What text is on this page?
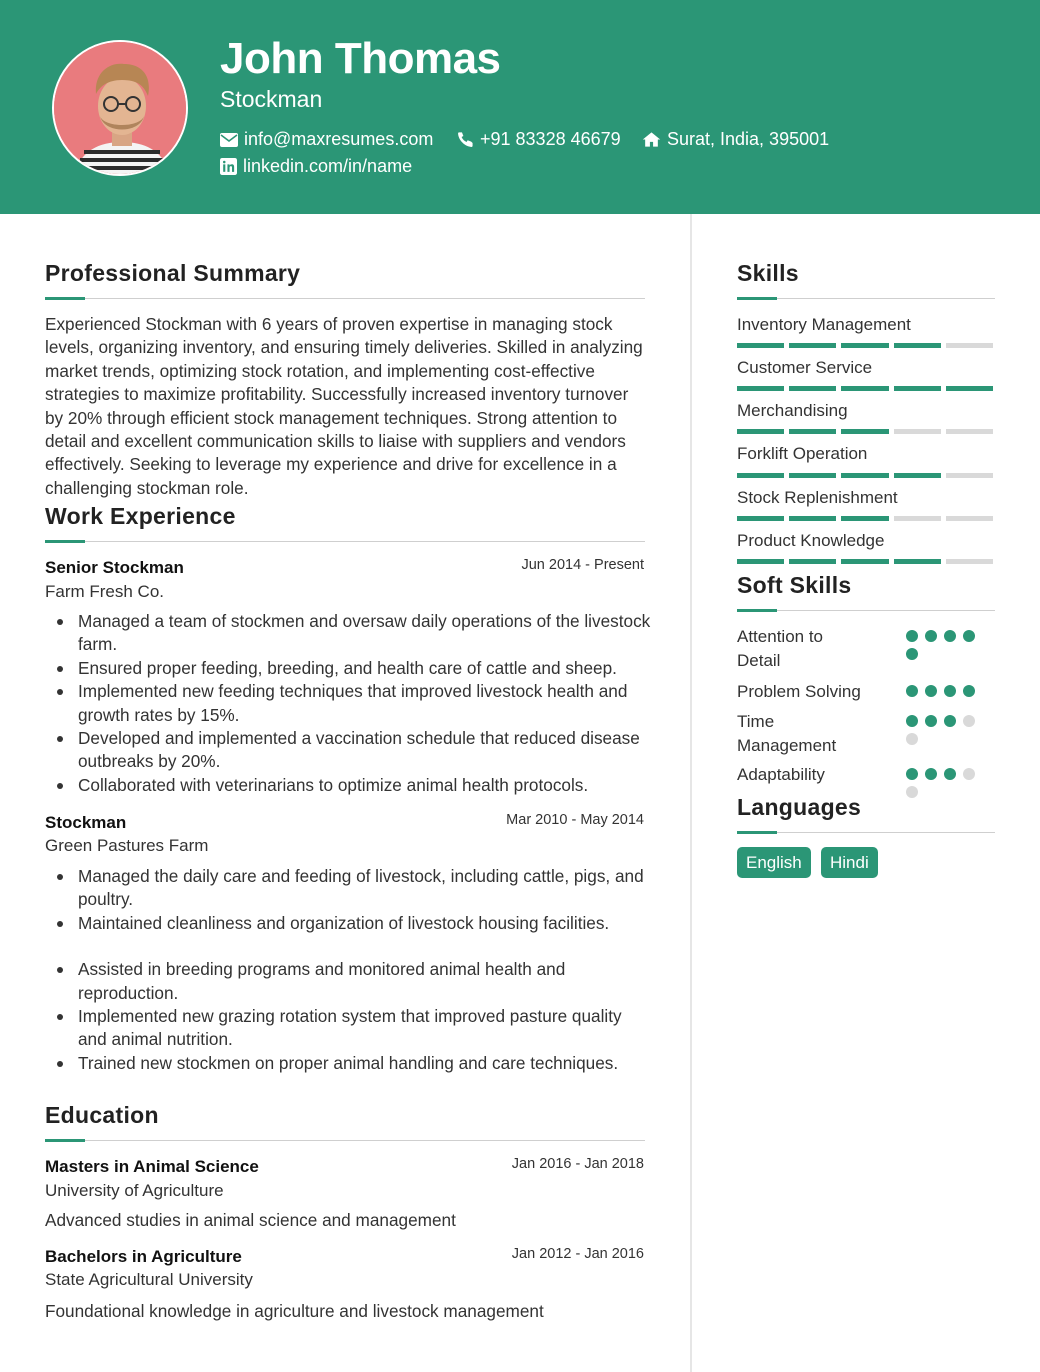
John Thomas
Stockman
info@maxresumes.com	+91 83328 46679	Surat, India, 395001
linkedin.com/in/name
Professional Summary
Experienced Stockman with 6 years of proven expertise in managing stock levels, organizing inventory, and ensuring timely deliveries. Skilled in analyzing market trends, optimizing stock rotation, and implementing cost-effective strategies to maximize profitability. Successfully increased inventory turnover by 20% through efficient stock management techniques. Strong attention to detail and excellent communication skills to liaise with suppliers and vendors effectively. Seeking to leverage my experience and drive for excellence in a challenging stockman role.
Work Experience
Senior Stockman	Jun 2014 - Present
Farm Fresh Co.
Managed a team of stockmen and oversaw daily operations of the livestock farm.
Ensured proper feeding, breeding, and health care of cattle and sheep.
Implemented new feeding techniques that improved livestock health and growth rates by 15%.
Developed and implemented a vaccination schedule that reduced disease outbreaks by 20%.
Collaborated with veterinarians to optimize animal health protocols.
Stockman	Mar 2010 - May 2014
Green Pastures Farm
Managed the daily care and feeding of livestock, including cattle, pigs, and poultry.
Maintained cleanliness and organization of livestock housing facilities.
Assisted in breeding programs and monitored animal health and reproduction.
Implemented new grazing rotation system that improved pasture quality and animal nutrition.
Trained new stockmen on proper animal handling and care techniques.
Education
Masters in Animal Science	Jan 2016 - Jan 2018
University of Agriculture
Advanced studies in animal science and management
Bachelors in Agriculture	Jan 2012 - Jan 2016
State Agricultural University
Foundational knowledge in agriculture and livestock management
Skills
Inventory Management
Customer Service
Merchandising
Forklift Operation
Stock Replenishment
Product Knowledge
Soft Skills
Attention to Detail
Problem Solving
Time Management
Adaptability
Languages
English	Hindi
